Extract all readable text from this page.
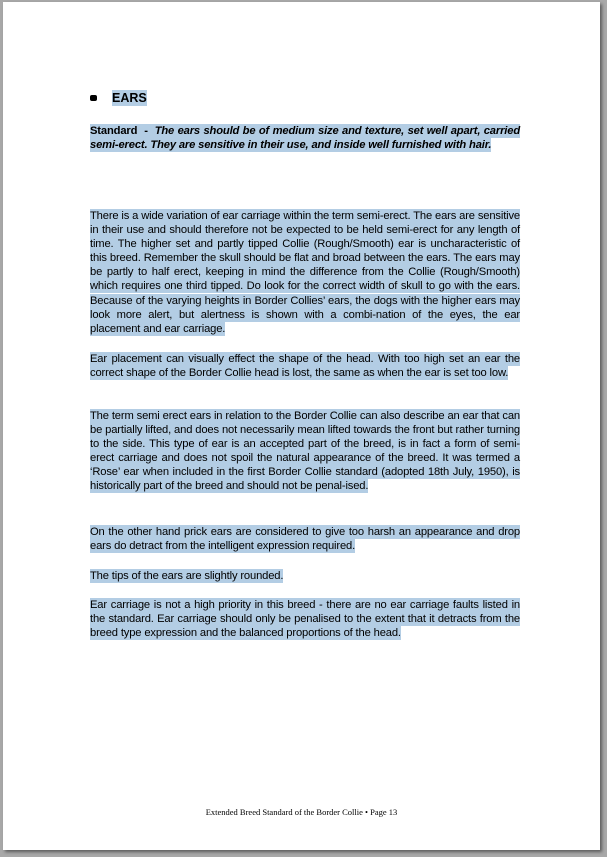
EARS
Standard - The ears should be of medium size and texture, set well apart, carried semi-erect. They are sensitive in their use, and inside well furnished with hair.
There is a wide variation of ear carriage within the term semi-erect. The ears are sensitive in their use and should therefore not be expected to be held semi-erect for any length of time. The higher set and partly tipped Collie (Rough/Smooth) ear is uncharacteristic of this breed. Remember the skull should be flat and broad between the ears. The ears may be partly to half erect, keeping in mind the difference from the Collie (Rough/Smooth) which requires one third tipped. Do look for the correct width of skull to go with the ears. Because of the varying heights in Border Collies’ ears, the dogs with the higher ears may look more alert, but alertness is shown with a combi-nation of the eyes, the ear placement and ear carriage.
Ear placement can visually effect the shape of the head. With too high set an ear the correct shape of the Border Collie head is lost, the same as when the ear is set too low.
The term semi erect ears in relation to the Border Collie can also describe an ear that can be partially lifted, and does not necessarily mean lifted towards the front but rather turning to the side. This type of ear is an accepted part of the breed, is in fact a form of semi-erect carriage and does not spoil the natural appearance of the breed. It was termed a ‘Rose’ ear when included in the first Border Collie standard (adopted 18th July, 1950), is historically part of the breed and should not be penal-ised.
On the other hand prick ears are considered to give too harsh an appearance and drop ears do detract from the intelligent expression required.
The tips of the ears are slightly rounded.
Ear carriage is not a high priority in this breed - there are no ear carriage faults listed in the standard. Ear carriage should only be penalised to the extent that it detracts from the breed type expression and the balanced proportions of the head.
Extended Breed Standard of the Border Collie • Page 13
